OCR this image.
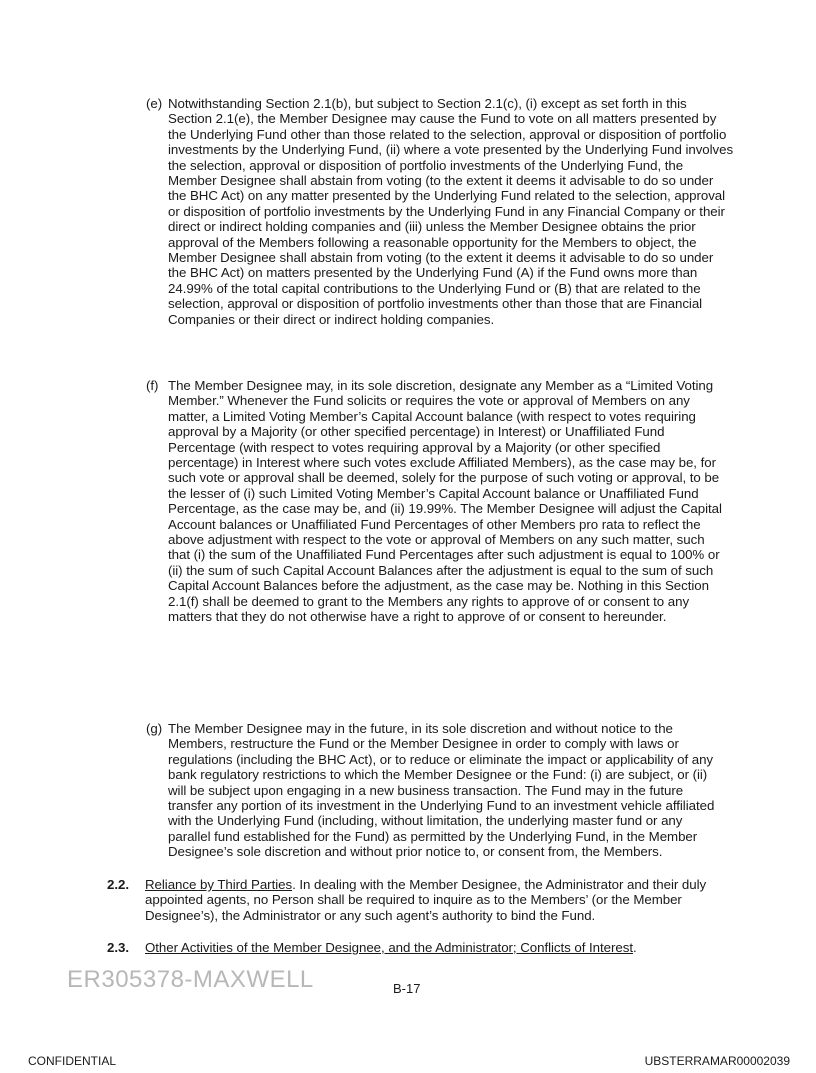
(e) Notwithstanding Section 2.1(b), but subject to Section 2.1(c), (i) except as set forth in this Section 2.1(e), the Member Designee may cause the Fund to vote on all matters presented by the Underlying Fund other than those related to the selection, approval or disposition of portfolio investments by the Underlying Fund, (ii) where a vote presented by the Underlying Fund involves the selection, approval or disposition of portfolio investments of the Underlying Fund, the Member Designee shall abstain from voting (to the extent it deems it advisable to do so under the BHC Act) on any matter presented by the Underlying Fund related to the selection, approval or disposition of portfolio investments by the Underlying Fund in any Financial Company or their direct or indirect holding companies and (iii) unless the Member Designee obtains the prior approval of the Members following a reasonable opportunity for the Members to object, the Member Designee shall abstain from voting (to the extent it deems it advisable to do so under the BHC Act) on matters presented by the Underlying Fund (A) if the Fund owns more than 24.99% of the total capital contributions to the Underlying Fund or (B) that are related to the selection, approval or disposition of portfolio investments other than those that are Financial Companies or their direct or indirect holding companies.
(f) The Member Designee may, in its sole discretion, designate any Member as a “Limited Voting Member.” Whenever the Fund solicits or requires the vote or approval of Members on any matter, a Limited Voting Member’s Capital Account balance (with respect to votes requiring approval by a Majority (or other specified percentage) in Interest) or Unaffiliated Fund Percentage (with respect to votes requiring approval by a Majority (or other specified percentage) in Interest where such votes exclude Affiliated Members), as the case may be, for such vote or approval shall be deemed, solely for the purpose of such voting or approval, to be the lesser of (i) such Limited Voting Member’s Capital Account balance or Unaffiliated Fund Percentage, as the case may be, and (ii) 19.99%. The Member Designee will adjust the Capital Account balances or Unaffiliated Fund Percentages of other Members pro rata to reflect the above adjustment with respect to the vote or approval of Members on any such matter, such that (i) the sum of the Unaffiliated Fund Percentages after such adjustment is equal to 100% or (ii) the sum of such Capital Account Balances after the adjustment is equal to the sum of such Capital Account Balances before the adjustment, as the case may be. Nothing in this Section 2.1(f) shall be deemed to grant to the Members any rights to approve of or consent to any matters that they do not otherwise have a right to approve of or consent to hereunder.
(g) The Member Designee may in the future, in its sole discretion and without notice to the Members, restructure the Fund or the Member Designee in order to comply with laws or regulations (including the BHC Act), or to reduce or eliminate the impact or applicability of any bank regulatory restrictions to which the Member Designee or the Fund: (i) are subject, or (ii) will be subject upon engaging in a new business transaction. The Fund may in the future transfer any portion of its investment in the Underlying Fund to an investment vehicle affiliated with the Underlying Fund (including, without limitation, the underlying master fund or any parallel fund established for the Fund) as permitted by the Underlying Fund, in the Member Designee’s sole discretion and without prior notice to, or consent from, the Members.
2.2. Reliance by Third Parties. In dealing with the Member Designee, the Administrator and their duly appointed agents, no Person shall be required to inquire as to the Members’ (or the Member Designee’s), the Administrator or any such agent’s authority to bind the Fund.
2.3. Other Activities of the Member Designee, and the Administrator; Conflicts of Interest.
ER305378-MAXWELL	B-17
CONFIDENTIAL	UBSTERRAMAR00002039
